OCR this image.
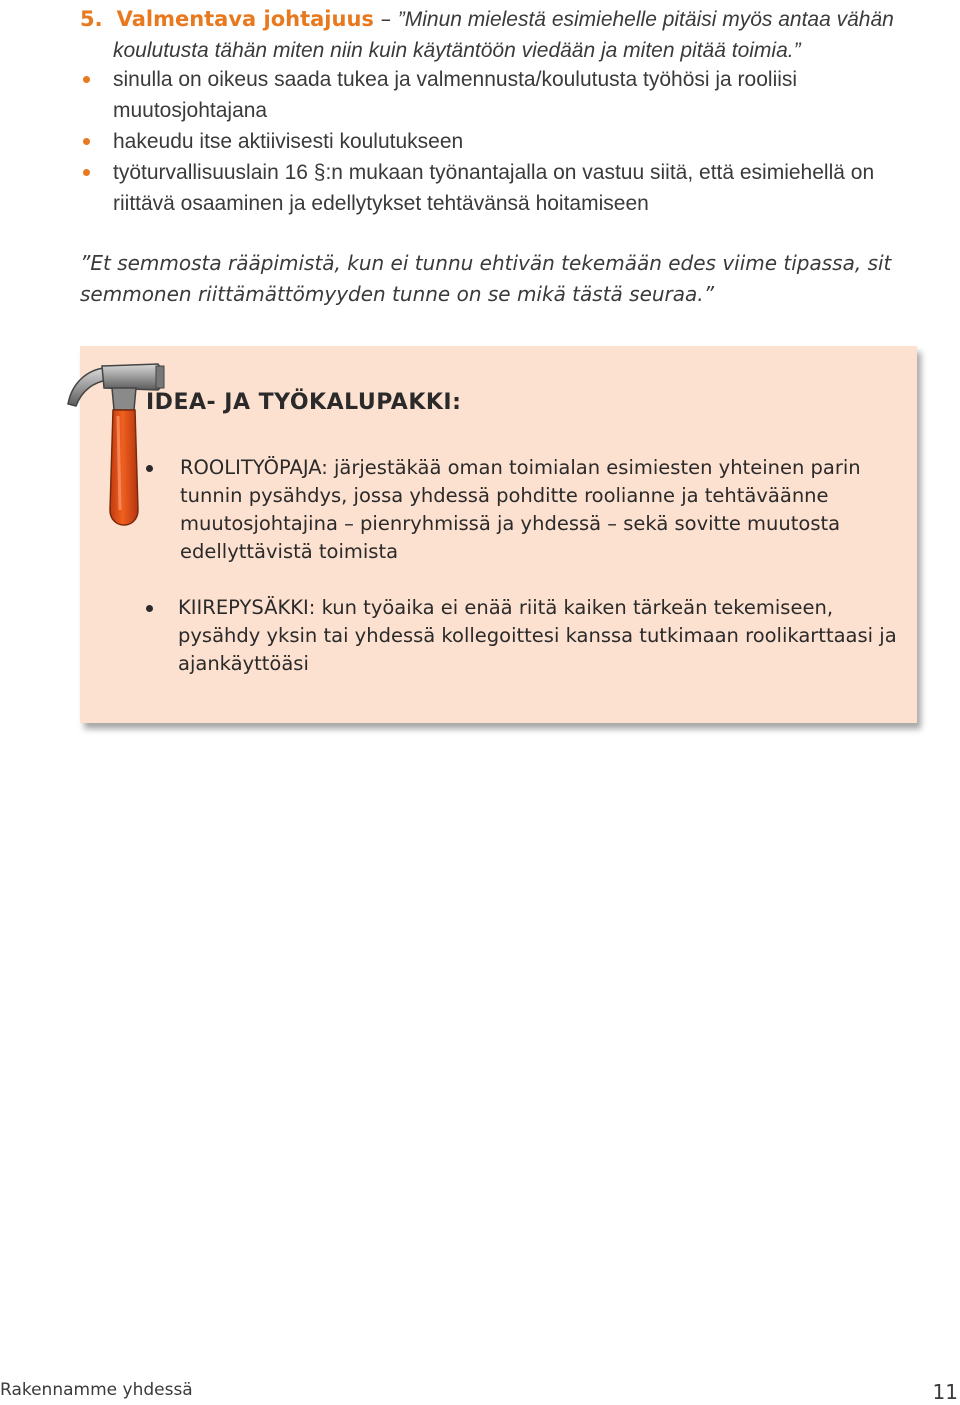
5. Valmentava johtajuus – ”Minun mielestä esimiehelle pitäisi myös antaa vähän
koulutusta tähän miten niin kuin käytäntöön viedään ja miten pitää toimia.”
sinulla on oikeus saada tukea ja valmennusta/koulutusta työhösi ja rooliisi muutosjohtajana
hakeudu itse aktiivisesti koulutukseen
työturvallisuuslain 16 §:n mukaan työnantajalla on vastuu siitä, että esimiehellä on riittävä osaaminen ja edellytykset tehtävänsä hoitamiseen
”Et semmosta rääpimistä, kun ei tunnu ehtivän tekemään edes viime tipassa, sit semmonen riittämättömyyden tunne on se mikä tästä seuraa.”
IDEA- JA TYÖKALUPAKKI:
ROOLITYÖPAJA: järjestäkää oman toimialan esimiesten yhteinen parin tunnin pysähdys, jossa yhdessä pohditte roolianne ja tehtäväänne muutosjohtajina – pienryhmissä ja yhdessä – sekä sovitte muutosta edellyttävistä toimista
KIIREPYSÄKKI: kun työaika ei enää riitä kaiken tärkeän tekemiseen, pysähdy yksin tai yhdessä kollegoittesi kanssa tutkimaan roolikarttaasi ja ajankäyttöäsi
Rakennamme yhdessä	11
